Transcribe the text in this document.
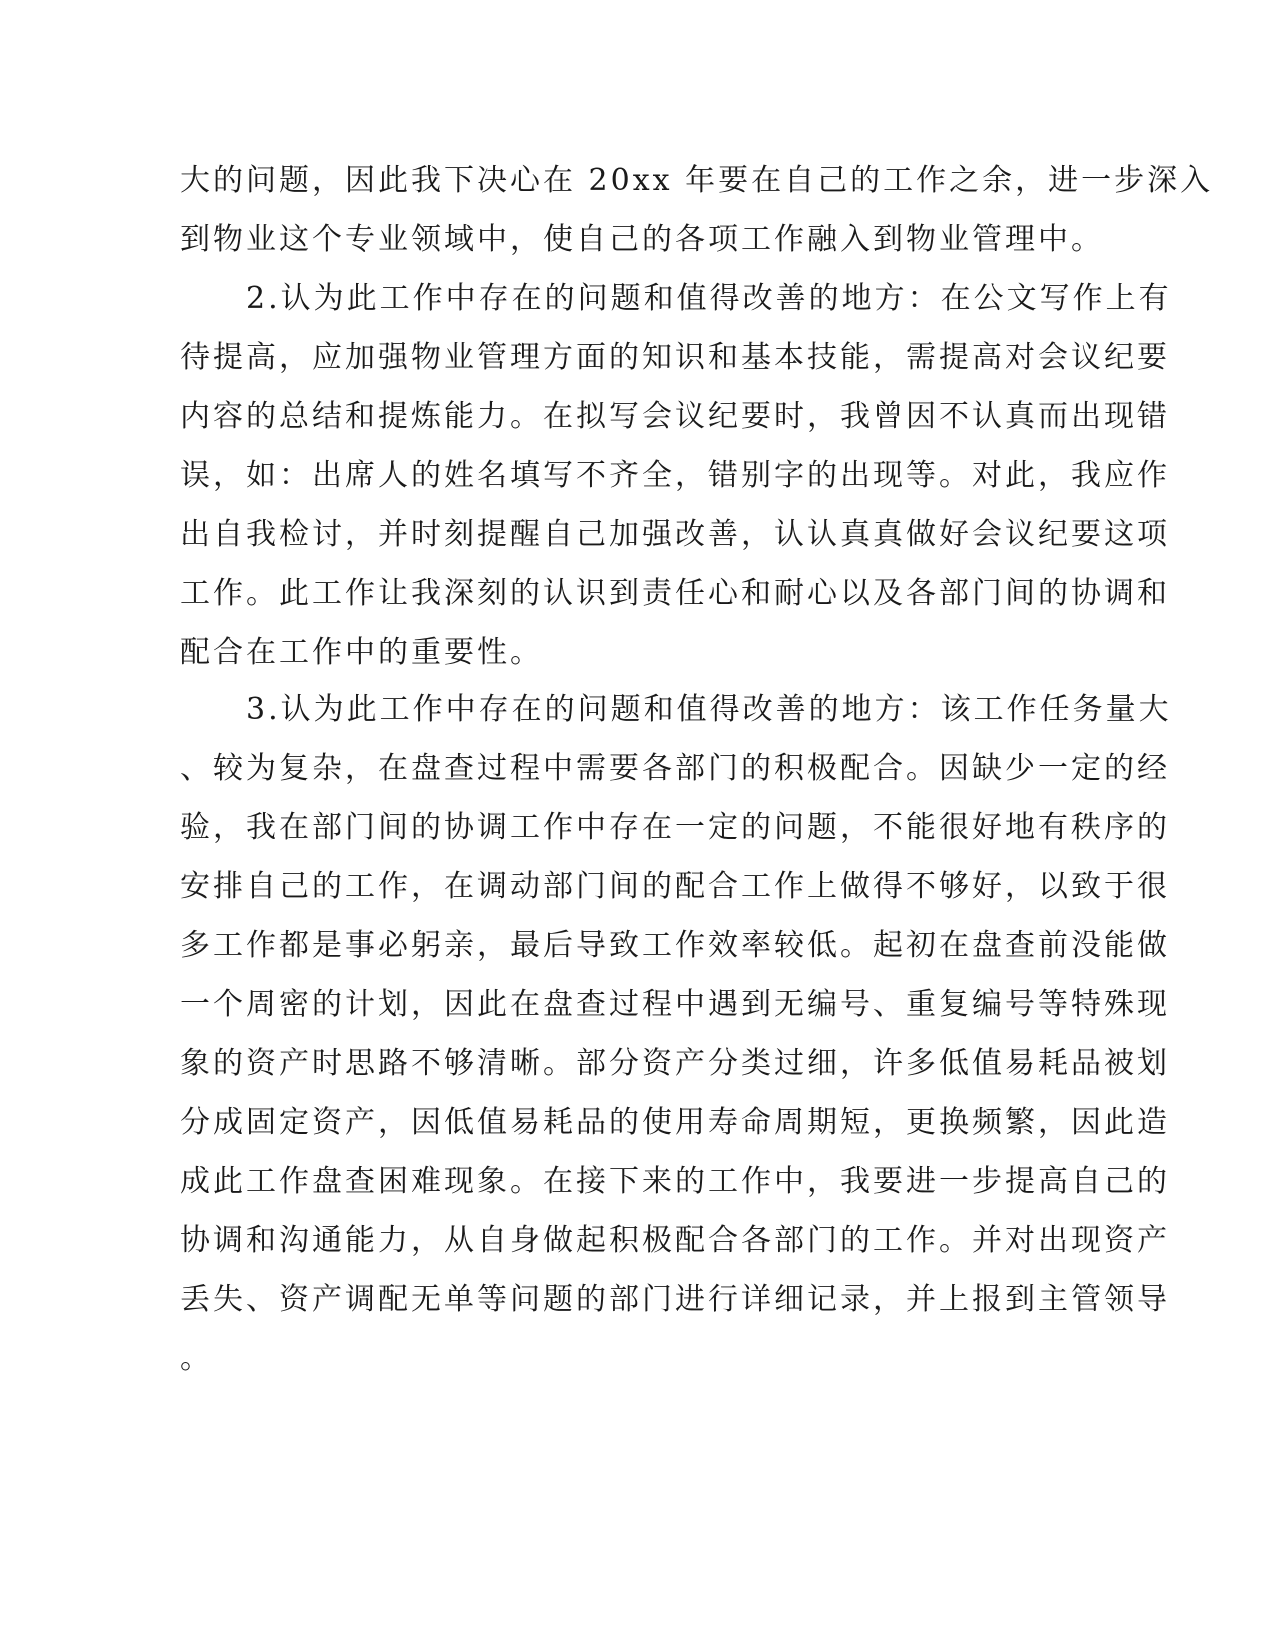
大的问题，因此我下决心在 20xx 年要在自己的工作之余，进一步深入
到物业这个专业领域中，使自己的各项工作融入到物业管理中。
2.认为此工作中存在的问题和值得改善的地方：在公文写作上有
待提高，应加强物业管理方面的知识和基本技能，需提高对会议纪要
内容的总结和提炼能力。在拟写会议纪要时，我曾因不认真而出现错
误，如：出席人的姓名填写不齐全，错别字的出现等。对此，我应作
出自我检讨，并时刻提醒自己加强改善，认认真真做好会议纪要这项
工作。此工作让我深刻的认识到责任心和耐心以及各部门间的协调和
配合在工作中的重要性。
3.认为此工作中存在的问题和值得改善的地方：该工作任务量大
、较为复杂，在盘查过程中需要各部门的积极配合。因缺少一定的经
验，我在部门间的协调工作中存在一定的问题，不能很好地有秩序的
安排自己的工作，在调动部门间的配合工作上做得不够好，以致于很
多工作都是事必躬亲，最后导致工作效率较低。起初在盘查前没能做
一个周密的计划，因此在盘查过程中遇到无编号、重复编号等特殊现
象的资产时思路不够清晰。部分资产分类过细，许多低值易耗品被划
分成固定资产，因低值易耗品的使用寿命周期短，更换频繁，因此造
成此工作盘查困难现象。在接下来的工作中，我要进一步提高自己的
协调和沟通能力，从自身做起积极配合各部门的工作。并对出现资产
丢失、资产调配无单等问题的部门进行详细记录，并上报到主管领导
。
